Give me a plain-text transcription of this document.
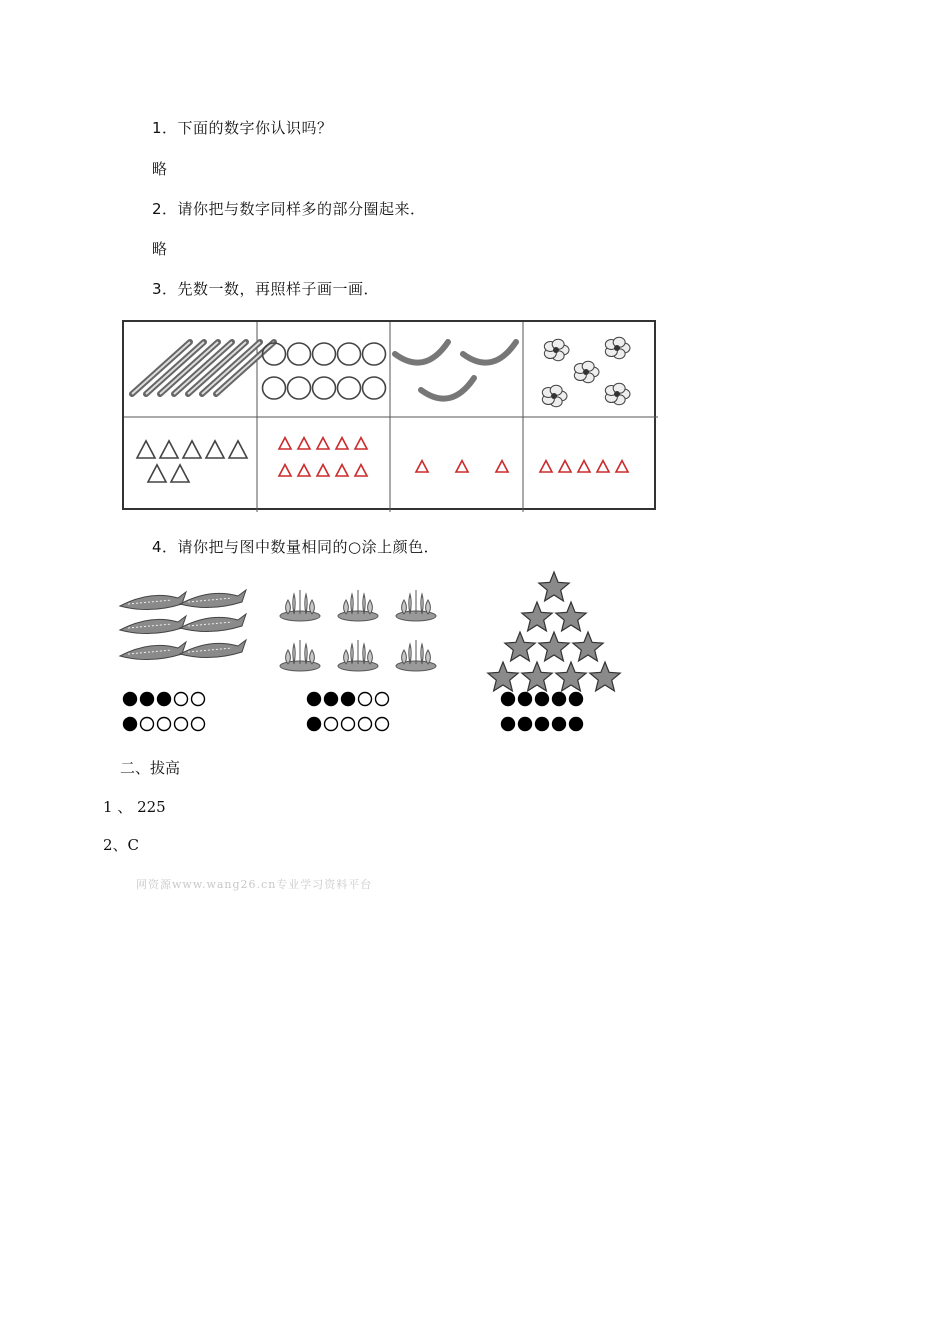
1．下面的数字你认识吗？
略
2．请你把与数字同样多的部分圈起来．
略
3．先数一数，再照样子画一画．
4．请你把与图中数量相同的○涂上颜色．
二、拔高
1 、 225
2、C
网资源www.wang26.cn专业学习资料平台
